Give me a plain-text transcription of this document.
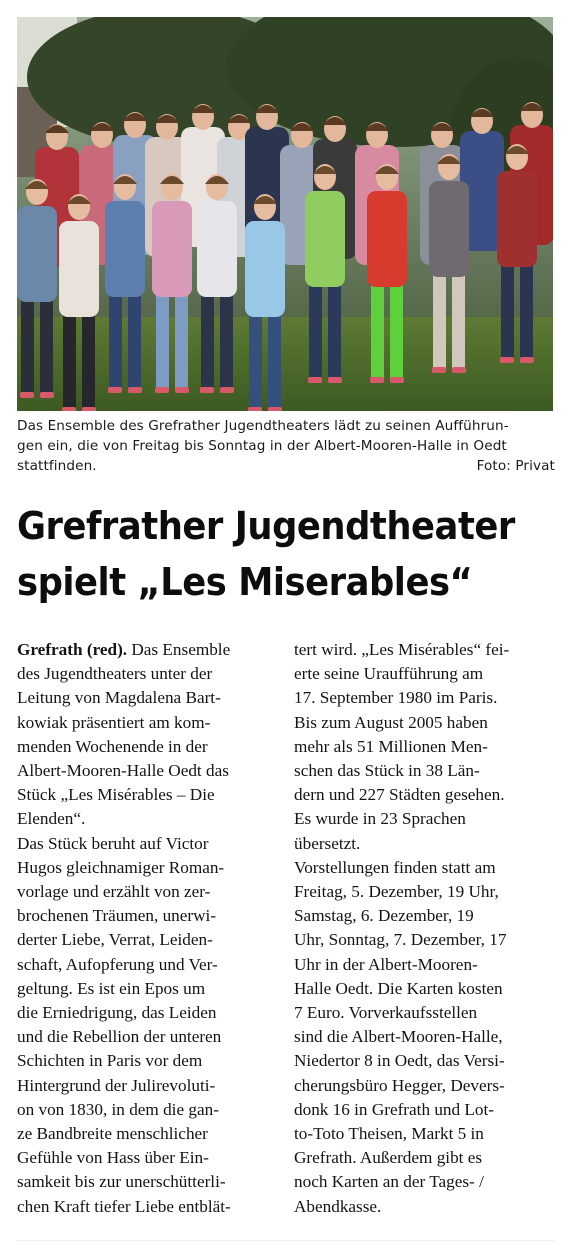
Das Ensemble des Grefrather Jugendtheaters lädt zu seinen Aufführun-
gen ein, die von Freitag bis Sonntag in der Albert-Mooren-Halle in Oedt
stattfinden.	Foto: Privat
Grefrather Jugendtheater
spielt „Les Miserables“
Grefrath (red). Das Ensemble
des Jugendtheaters unter der
Leitung von Magdalena Bart-
kowiak präsentiert am kom-
menden Wochenende in der
Albert-Mooren-Halle Oedt das
Stück „Les Misérables – Die
Elenden“.
Das Stück beruht auf Victor
Hugos gleichnamiger Roman-
vorlage und erzählt von zer-
brochenen Träumen, unerwi-
derter Liebe, Verrat, Leiden-
schaft, Aufopferung und Ver-
geltung. Es ist ein Epos um
die Erniedrigung, das Leiden
und die Rebellion der unteren
Schichten in Paris vor dem
Hintergrund der Julirevoluti-
on von 1830, in dem die gan-
ze Bandbreite menschlicher
Gefühle von Hass über Ein-
samkeit bis zur unerschütterli-
chen Kraft tiefer Liebe entblät-
tert wird. „Les Misérables“ fei-
erte seine Uraufführung am
17. September 1980 im Paris.
Bis zum August 2005 haben
mehr als 51 Millionen Men-
schen das Stück in 38 Län-
dern und 227 Städten gesehen.
Es wurde in 23 Sprachen
übersetzt.
Vorstellungen finden statt am
Freitag, 5. Dezember, 19 Uhr,
Samstag, 6. Dezember, 19
Uhr, Sonntag, 7. Dezember, 17
Uhr in der Albert-Mooren-
Halle Oedt. Die Karten kosten
7 Euro. Vorverkaufsstellen
sind die Albert-Mooren-Halle,
Niedertor 8 in Oedt, das Versi-
cherungsbüro Hegger, Devers-
donk 16 in Grefrath und Lot-
to-Toto Theisen, Markt 5 in
Grefrath. Außerdem gibt es
noch Karten an der Tages- /
Abendkasse.
